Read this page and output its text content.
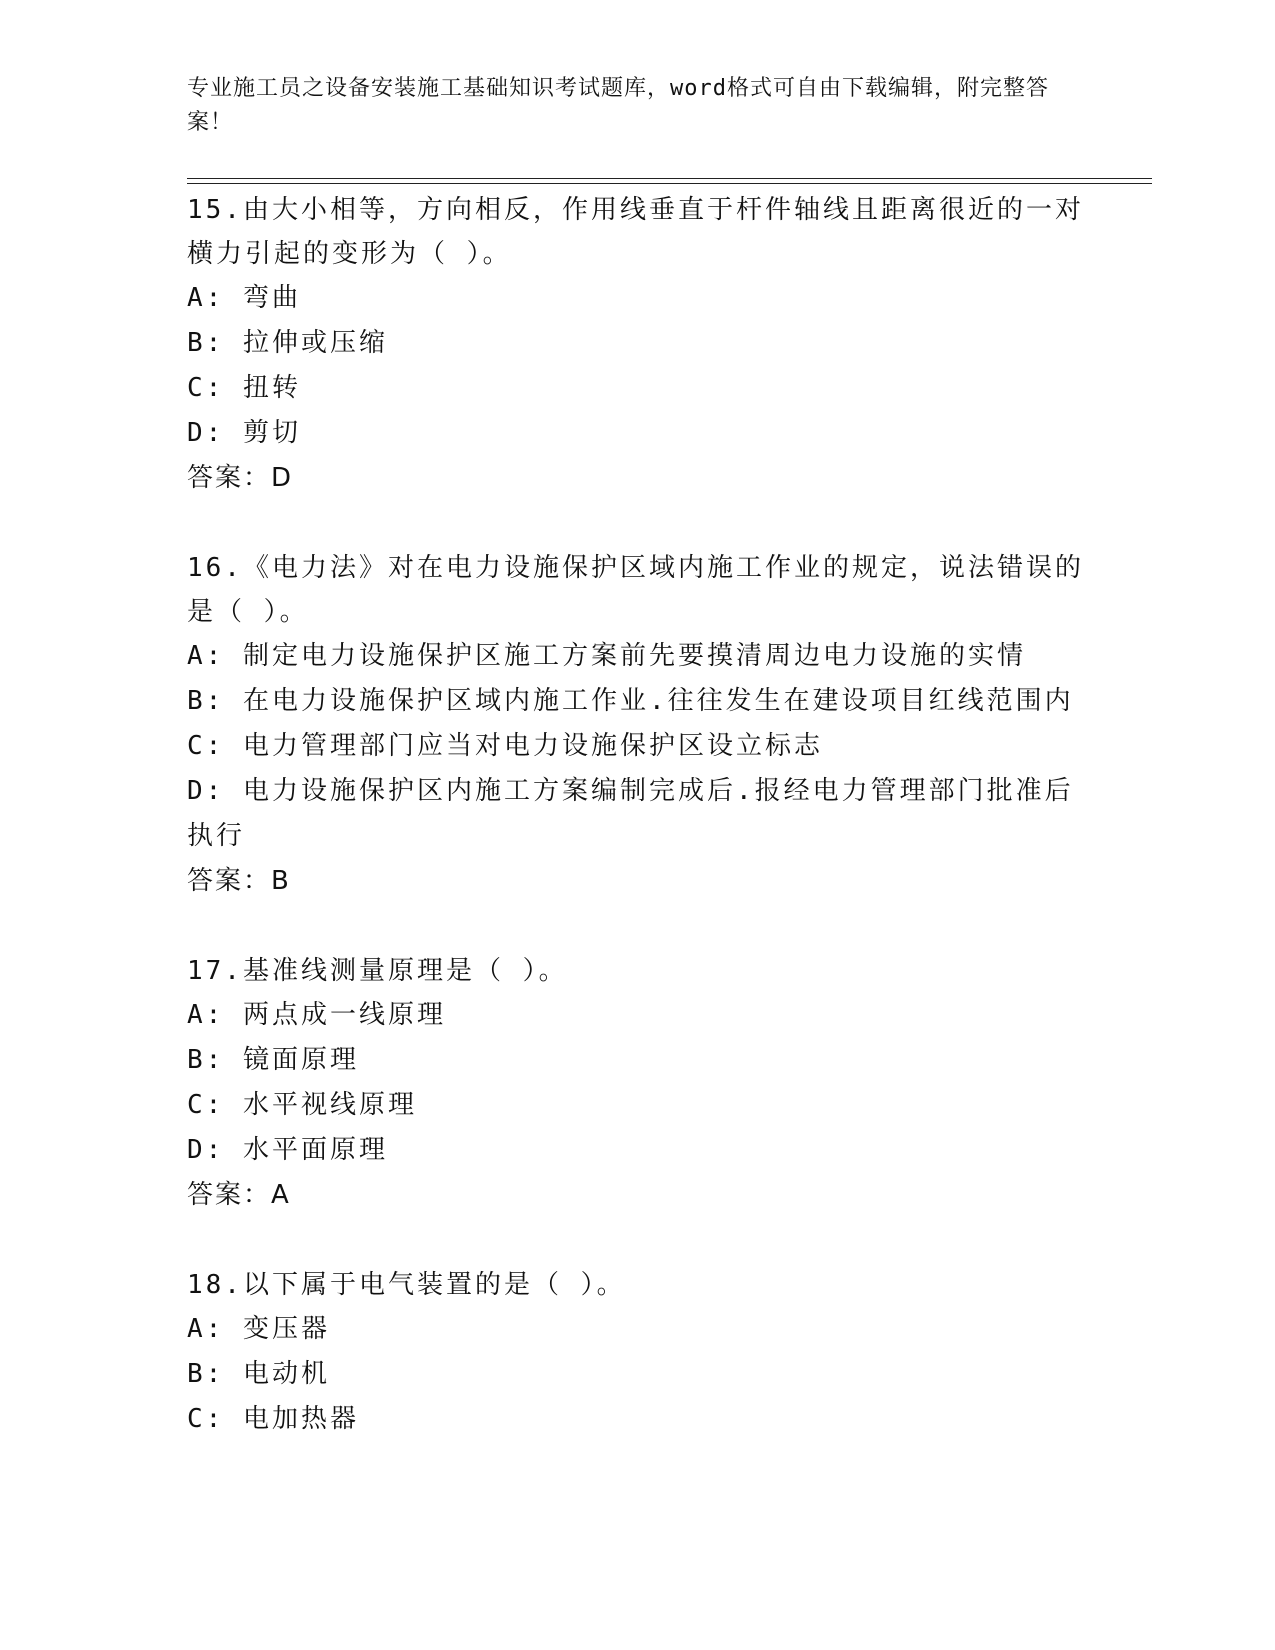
专业施工员之设备安装施工基础知识考试题库，word格式可自由下载编辑，附完整答案！

15.由大小相等，方向相反，作用线垂直于杆件轴线且距离很近的一对横力引起的变形为（ ）。

A: 弯曲

B: 拉伸或压缩

C: 扭转

D: 剪切

答案：D

16.《电力法》对在电力设施保护区域内施工作业的规定，说法错误的是（ ）。

A: 制定电力设施保护区施工方案前先要摸清周边电力设施的实情

B: 在电力设施保护区域内施工作业.往往发生在建设项目红线范围内

C: 电力管理部门应当对电力设施保护区设立标志

D: 电力设施保护区内施工方案编制完成后.报经电力管理部门批准后执行

答案：B

17.基准线测量原理是（ ）。

A: 两点成一线原理

B: 镜面原理

C: 水平视线原理

D: 水平面原理

答案：A

18.以下属于电气装置的是（ ）。

A: 变压器

B: 电动机

C: 电加热器
